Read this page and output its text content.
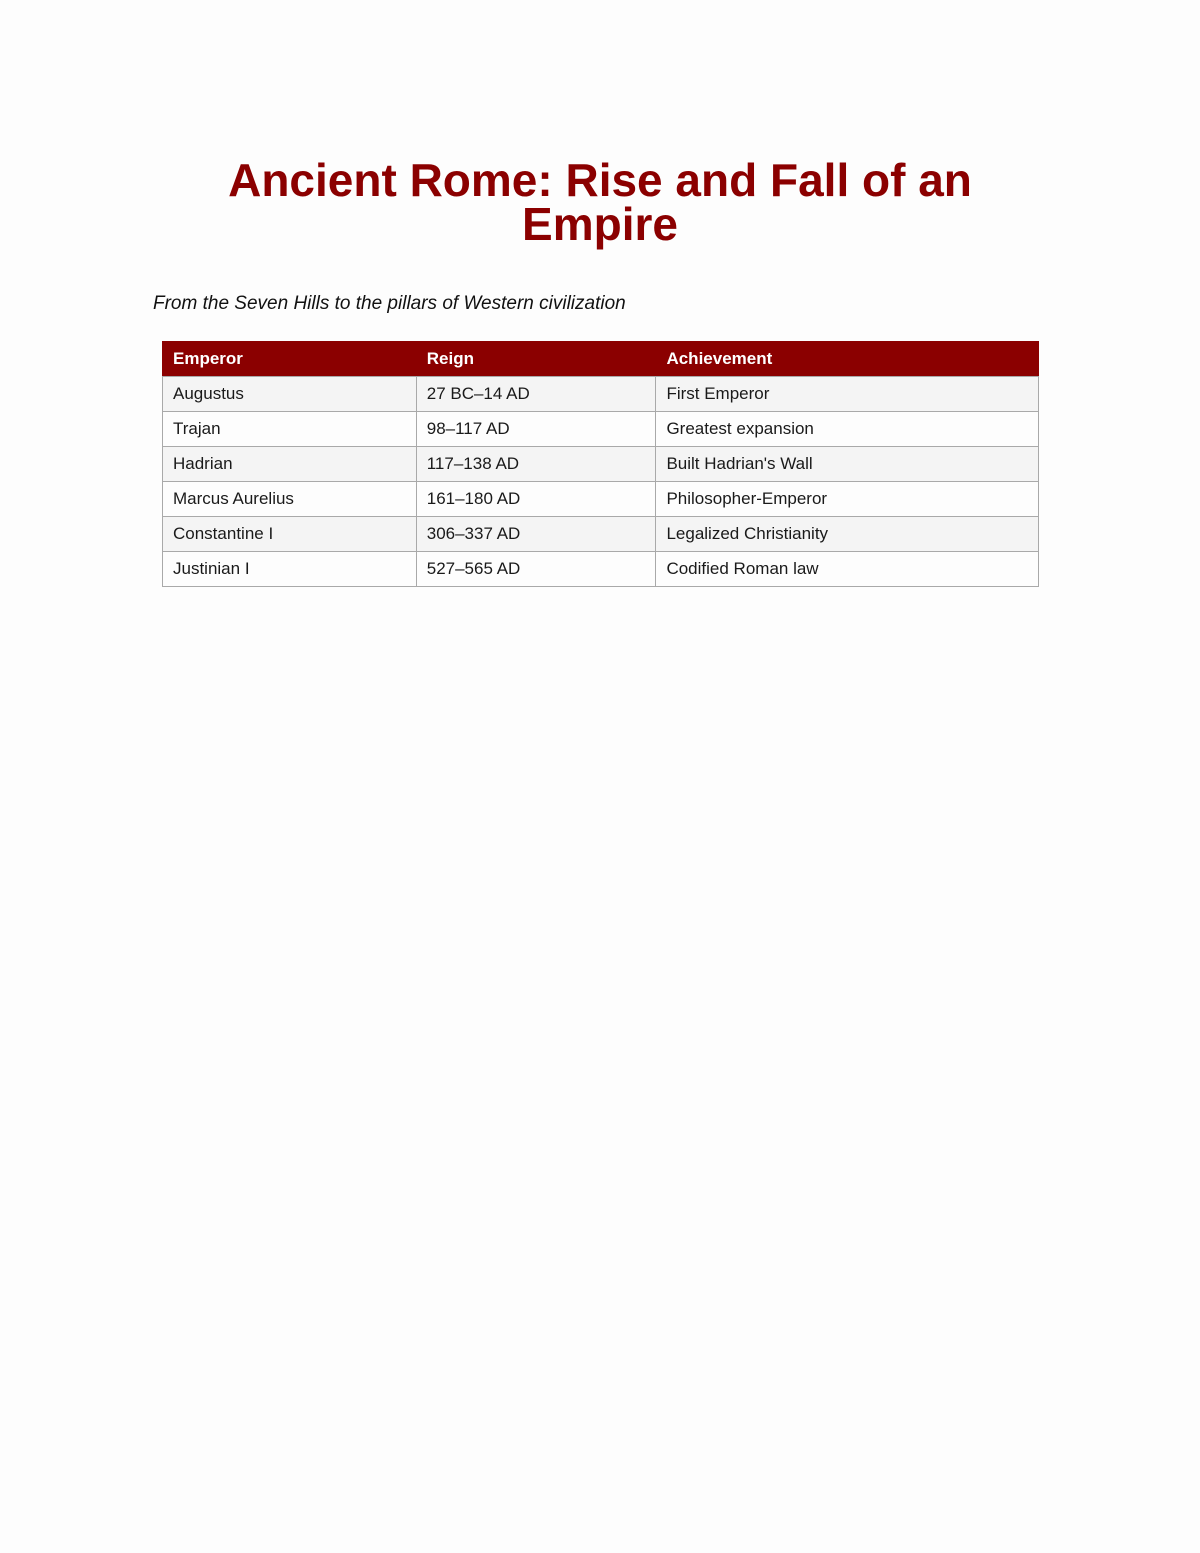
Ancient Rome: Rise and Fall of an Empire

From the Seven Hills to the pillars of Western civilization

Emperor	Reign	Achievement
Augustus	27 BC–14 AD	First Emperor
Trajan	98–117 AD	Greatest expansion
Hadrian	117–138 AD	Built Hadrian's Wall
Marcus Aurelius	161–180 AD	Philosopher-Emperor
Constantine I	306–337 AD	Legalized Christianity
Justinian I	527–565 AD	Codified Roman law
